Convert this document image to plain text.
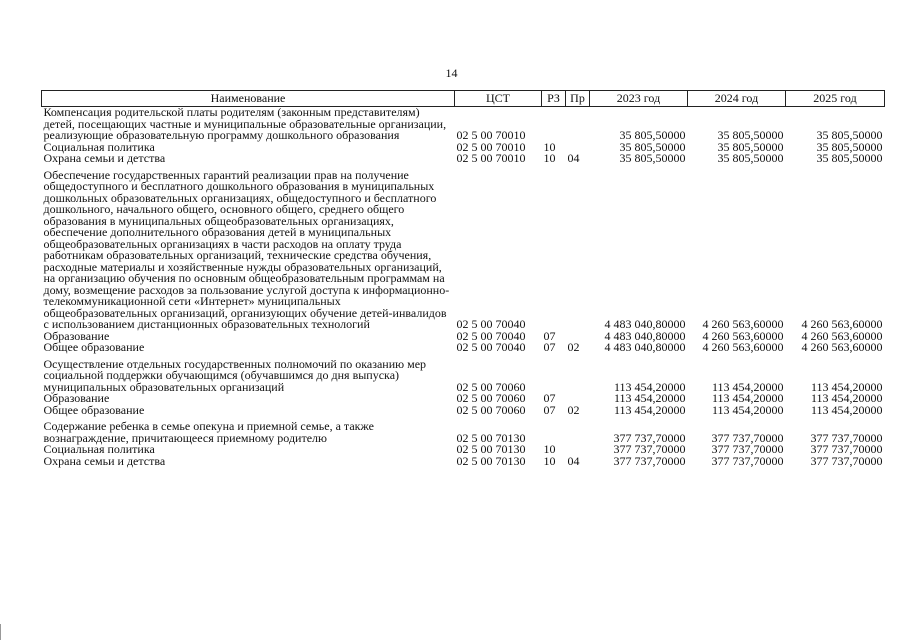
14
Наименование	ЦСТ	РЗ	Пр	2023 год	2024 год	2025 год
Компенсация родительской платы родителям (законным представителям) детей, посещающих частные и муниципальные образовательные организации, реализующие образовательную программу дошкольного образования	02 5 00 70010			35 805,50000	35 805,50000	35 805,50000
Социальная политика	02 5 00 70010	10		35 805,50000	35 805,50000	35 805,50000
Охрана семьи и детства	02 5 00 70010	10	04	35 805,50000	35 805,50000	35 805,50000
Обеспечение государственных гарантий реализации прав на получение общедоступного и бесплатного дошкольного образования в муниципальных дошкольных образовательных организациях, общедоступного и бесплатного дошкольного, начального общего, основного общего, среднего общего образования в муниципальных общеобразовательных организациях, обеспечение дополнительного образования детей в муниципальных общеобразовательных организациях в части расходов на оплату труда работникам образовательных организаций, технические средства обучения, расходные материалы и хозяйственные нужды образовательных организаций, на организацию обучения по основным общеобразовательным программам на дому, возмещение расходов за пользование услугой доступа к информационно-телекоммуникационной сети «Интернет» муниципальных общеобразовательных организаций, организующих обучение детей-инвалидов с использованием дистанционных образовательных технологий	02 5 00 70040			4 483 040,80000	4 260 563,60000	4 260 563,60000
Образование	02 5 00 70040	07		4 483 040,80000	4 260 563,60000	4 260 563,60000
Общее образование	02 5 00 70040	07	02	4 483 040,80000	4 260 563,60000	4 260 563,60000
Осуществление отдельных государственных полномочий по оказанию мер социальной поддержки обучающимся (обучавшимся до дня выпуска) муниципальных образовательных организаций	02 5 00 70060			113 454,20000	113 454,20000	113 454,20000
Образование	02 5 00 70060	07		113 454,20000	113 454,20000	113 454,20000
Общее образование	02 5 00 70060	07	02	113 454,20000	113 454,20000	113 454,20000
Содержание ребенка в семье опекуна и приемной семье, а также вознаграждение, причитающееся приемному родителю	02 5 00 70130			377 737,70000	377 737,70000	377 737,70000
Социальная политика	02 5 00 70130	10		377 737,70000	377 737,70000	377 737,70000
Охрана семьи и детства	02 5 00 70130	10	04	377 737,70000	377 737,70000	377 737,70000
